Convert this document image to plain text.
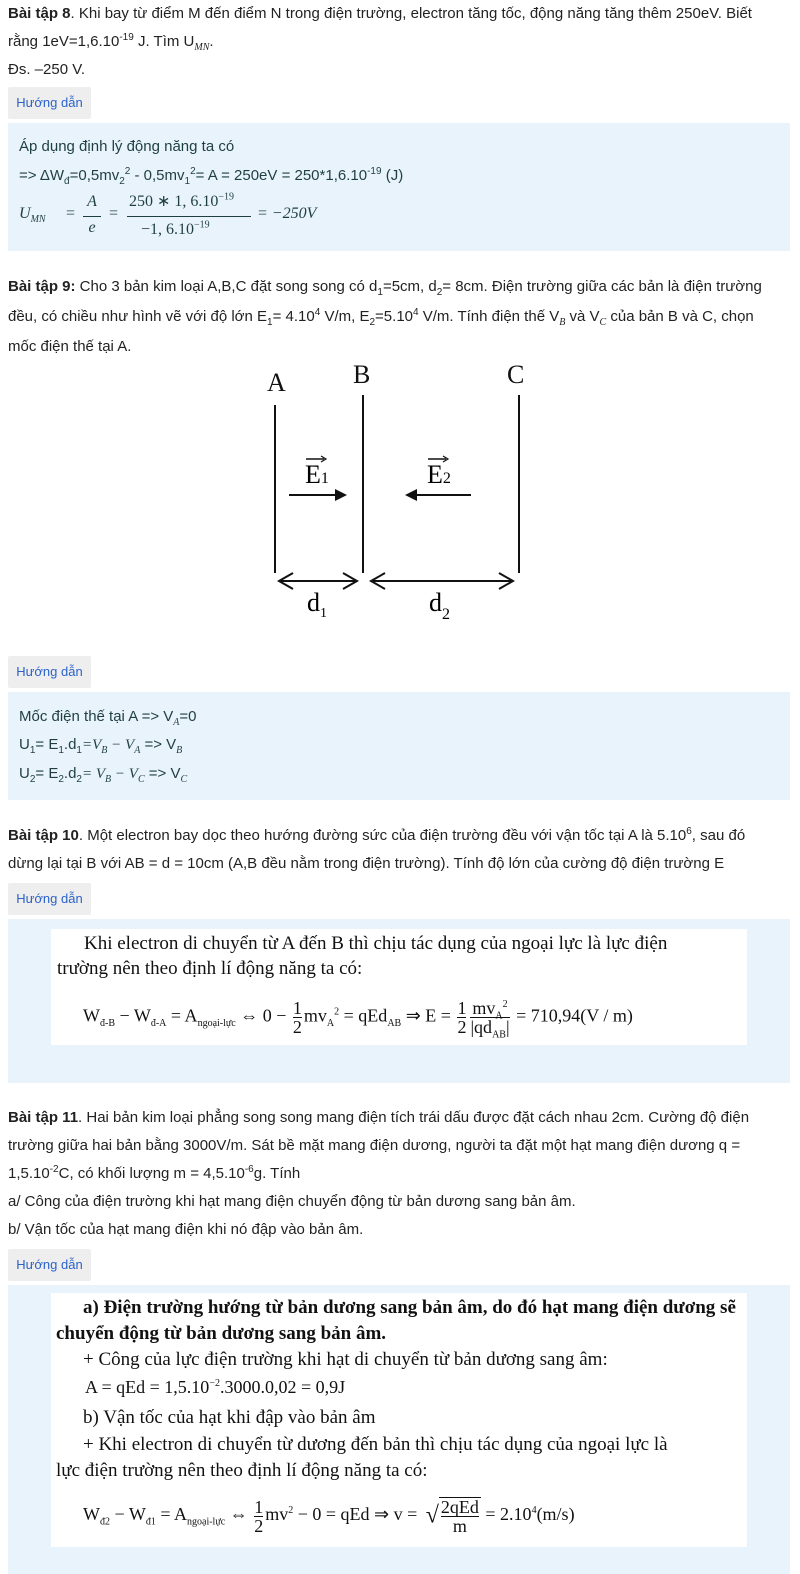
Bài tập 8. Khi bay từ điểm M đến điểm N trong điện trường, electron tăng tốc, động năng tăng thêm 250eV. Biết
rằng $1eV=1,6.10^{-19}$ J. Tìm $U_{MN}$.
Đs. –250 V.
Hướng dẫn
Áp dụng định lý động năng ta có
=> $\Delta W_đ=0,5mv_2^2 - 0,5mv_1^2= A = 250eV = 250*1,6.10^{-19}$ (J)
$U_{MN}$ =
A
e
=
250 ∗ 1, $6.10^{-19}$
−1, $6.10^{-19}$
= −250V
Bài tập 9: Cho 3 bản kim loại A,B,C đặt song song có $d_1=5cm$, $d_2= 8cm$. Điện trường giữa các bản là điện trường
đều, có chiều như hình vẽ với độ lớn $E_1= 4.10^4$ V/m, $E_2=5.10^4$ V/m. Tính điện thế $V_B$ và $V_C$ của bản B và C, chọn
mốc điện thế tại A.
A	B	C
E1	E2
$d_1$	$d_2$
Hướng dẫn
Mốc điện thế tại $A => V_A=0$
$U_1= E_1.d_1=V_B - V_A => V_B$
$U_2= E_2.d_2= V_B - V_C => V_C$
Bài tập 10. Một electron bay dọc theo hướng đường sức của điện trường đều với vận tốc tại A là 5.10$^6$, sau đó
dừng lại tại B với AB = d = 10cm (A,B đều nằm trong điện trường). Tính độ lớn của cường độ điện trường E
Hướng dẫn
Khi electron di chuyển từ A đến B thì chịu tác dụng của ngoại lực là lực điện
trường nên theo định lí động năng ta có:
$W_{đ-B} - W_{đ-A} = A_{ngoại-lực}$ ⇔ $0 - \frac{1}{2} mv_A^2 = qEd_{AB}$ ⇒ $E = \frac{1}{2} mv_A^2$
$|qd_{AB}|$
= 710,94(V / m)
Bài tập 11. Hai bản kim loại phẳng song song mang điện tích trái dấu được đặt cách nhau 2cm. Cường độ điện
trường giữa hai bản bằng 3000V/m. Sát bề mặt mang điện dương, người ta đặt một hạt mang điện dương q =
$1,5.10^{-2}C$, có khối lượng $m = 4,5.10^{-6}g$. Tính
a/ Công của điện trường khi hạt mang điện chuyển động từ bản dương sang bản âm.
b/ Vận tốc của hạt mang điện khi nó đập vào bản âm.
Hướng dẫn
a) Điện trường hướng từ bản dương sang bản âm, do đó hạt mang điện dương sẽ
chuyển động từ bản dương sang bản âm.
+ Công của lực điện trường khi hạt di chuyển từ bản dương sang âm:
A = qEd = $1,5.10^{-2}.3000.0,02 = 0,9J$
b) Vận tốc của hạt khi đập vào bản âm
+ Khi electron di chuyển từ dương đến bản thì chịu tác dụng của ngoại lực là
lực điện trường nên theo định lí động năng ta có:
$W_{đ2} - W_{đ1} = A_{ngoại-lực}$ ⇔ $\frac{1}{2} mv^2 - 0$ = qEd ⇒ v = √ 2qEd
m
= $2.10^4(m/s)$
